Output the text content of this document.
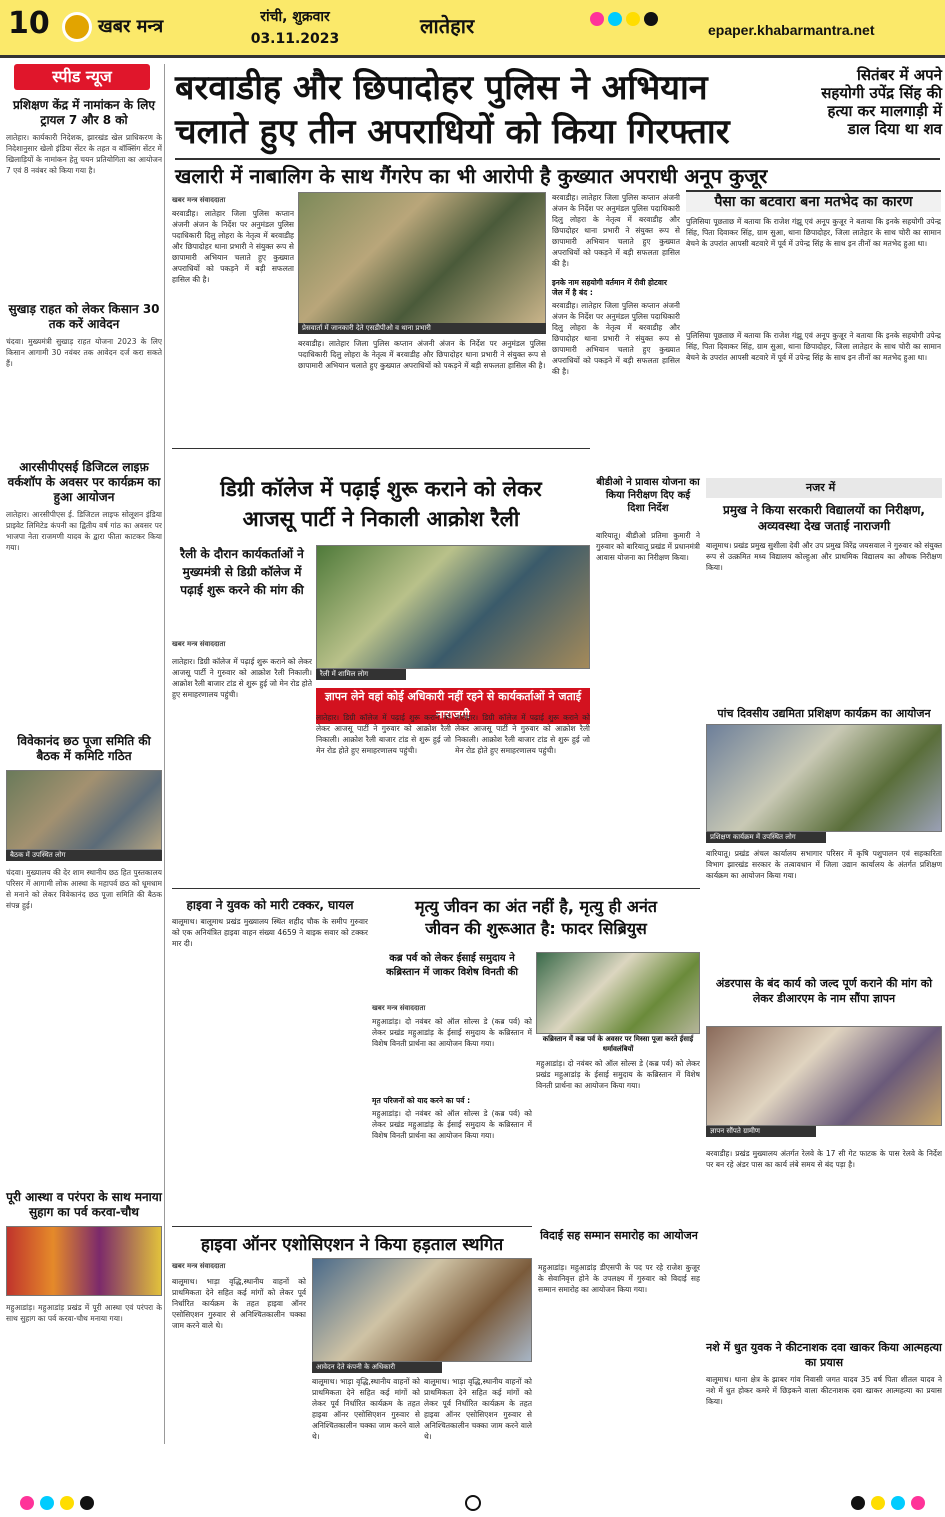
10	खबर मन्त्र	रांची, शुक्रवार
03.11.2023
लातेहार	epaper.khabarmantra.net
स्पीड न्यूज
प्रशिक्षण केंद्र में नामांकन के लिए ट्रायल 7 और 8 को
लातेहार। कार्यकारी निदेशक, झारखंड खेल प्राधिकरण के निदेशानुसार खेलो इंडिया सेंटर के तहत व बॉक्सिंग सेंटर में खिलाड़ियों के नामांकन हेतु चयन प्रतियोगिता का आयोजन 7 एवं 8 नवंबर को किया गया है।
सुखाड़ राहत को लेकर किसान 30 तक करें आवेदन
चंदवा। मुख्यमंत्री सुखाड़ राहत योजना 2023 के लिए किसान आगामी 30 नवंबर तक आवेदन दर्ज करा सकते हैं।
आरसीपीएसई डिजिटल लाइफ़ वर्कशॉप के अवसर पर कार्यक्रम का हुआ आयोजन
लातेहार। आरसीपीएस ई. डिजिटल लाइफ सोलूशन इंडिया प्राइवेट लिमिटेड कंपनी का द्वितीय वर्ष गांठ का अवसर पर भाजपा नेता राजमणी यादव के द्वारा फीता काटकर किया गया।
विवेकानंद छठ पूजा समिति की बैठक में कमिटि गठित
बैठक में उपस्थित लोग
चंदवा। मुख्यालय की देर शाम स्थानीय छठ हित पुस्तकालय परिसर में आगामी लोक आस्था के महापर्व छठ को धूमधाम से मनाने को लेकर विवेकानंद छठ पूजा समिति की बैठक संपन्न हुई।
पूरी आस्था व परंपरा के साथ मनाया सुहाग का पर्व करवा-चौथ
महुआडांड़। महुआडांड़ प्रखंड में पूरी आस्था एवं परंपरा के साथ सुहाग का पर्व करवा-चौथ मनाया गया।
बरवाडीह और छिपादोहर पुलिस ने अभियान
चलाते हुए तीन अपराधियों को किया गिरफ्तार
सितंबर में अपने सहयोगी उपेंद्र सिंह की हत्या कर मालगाड़ी में डाल दिया था शव
खलारी में नाबालिग के साथ गैंगरेप का भी आरोपी है कुख्यात अपराधी अनूप कुजूर
खबर मन्त्र संवाददाता
प्रेसवार्ता में जानकारी देते एसडीपीओ व थाना प्रभारी
बरवाडीह। लातेहार जिला पुलिस कप्तान अंजनी अंजन के निर्देश पर अनुमंडल पुलिस पदाधिकारी दिलु लोहरा के नेतृत्व में बरवाडीह और छिपादोहर थाना प्रभारी ने संयुक्त रूप से छापामारी अभियान चलाते हुए कुख्यात अपराधियों को पकड़ने में बड़ी सफलता हासिल की है।
बरवाडीह। लातेहार जिला पुलिस कप्तान अंजनी अंजन के निर्देश पर अनुमंडल पुलिस पदाधिकारी दिलु लोहरा के नेतृत्व में बरवाडीह और छिपादोहर थाना प्रभारी ने संयुक्त रूप से छापामारी अभियान चलाते हुए कुख्यात अपराधियों को पकड़ने में बड़ी सफलता हासिल की है।
बरवाडीह। लातेहार जिला पुलिस कप्तान अंजनी अंजन के निर्देश पर अनुमंडल पुलिस पदाधिकारी दिलु लोहरा के नेतृत्व में बरवाडीह और छिपादोहर थाना प्रभारी ने संयुक्त रूप से छापामारी अभियान चलाते हुए कुख्यात अपराधियों को पकड़ने में बड़ी सफलता हासिल की है।
इनके नाम सहयोगी वर्तमान में रीवी होटवार जेल में है बंद :
बरवाडीह। लातेहार जिला पुलिस कप्तान अंजनी अंजन के निर्देश पर अनुमंडल पुलिस पदाधिकारी दिलु लोहरा के नेतृत्व में बरवाडीह और छिपादोहर थाना प्रभारी ने संयुक्त रूप से छापामारी अभियान चलाते हुए कुख्यात अपराधियों को पकड़ने में बड़ी सफलता हासिल की है।
पैसा का बटवारा बना मतभेद का कारण
पुलिसिया पूछताछ में बताया कि राजेश गंझू एवं अनूप कुजूर ने बताया कि इनके सहयोगी उपेन्द्र सिंह, पिता दिवाकर सिंह, ग्राम सुआ, थाना छिपादोहर, जिला लातेहार के साथ चोरी का सामान बेचने के उपरांत आपसी बटवारे में पूर्व में उपेन्द्र सिंह के साथ इन तीनों का मतभेद हुआ था।
पुलिसिया पूछताछ में बताया कि राजेश गंझू एवं अनूप कुजूर ने बताया कि इनके सहयोगी उपेन्द्र सिंह, पिता दिवाकर सिंह, ग्राम सुआ, थाना छिपादोहर, जिला लातेहार के साथ चोरी का सामान बेचने के उपरांत आपसी बटवारे में पूर्व में उपेन्द्र सिंह के साथ इन तीनों का मतभेद हुआ था।
डिग्री कॉलेज में पढ़ाई शुरू कराने को लेकर
आजसू पार्टी ने निकाली आक्रोश रैली
रैली के दौरान कार्यकर्ताओं ने मुख्यमंत्री से डिग्री कॉलेज में पढ़ाई शुरू करने की मांग की
रैली में शामिल लोग
खबर मन्त्र संवाददाता
लातेहार। डिग्री कॉलेज में पढ़ाई शुरू कराने को लेकर आजसू पार्टी ने गुरुवार को आक्रोश रैली निकाली। आक्रोश रैली बाजार टांड से शुरू हुई जो मेन रोड होते हुए समाहरणालय पहुंची।	ज्ञापन लेने वहां कोई अधिकारी नहीं रहने से कार्यकर्ताओं ने जताई नाराजगी
लातेहार। डिग्री कॉलेज में पढ़ाई शुरू कराने को लेकर आजसू पार्टी ने गुरुवार को आक्रोश रैली निकाली। आक्रोश रैली बाजार टांड से शुरू हुई जो मेन रोड होते हुए समाहरणालय पहुंची।
लातेहार। डिग्री कॉलेज में पढ़ाई शुरू कराने को लेकर आजसू पार्टी ने गुरुवार को आक्रोश रैली निकाली। आक्रोश रैली बाजार टांड से शुरू हुई जो मेन रोड होते हुए समाहरणालय पहुंची।
बीडीओ ने प्रावास योजना का किया निरीक्षण दिए कई दिशा निर्देश
बारियातू। बीडीओ प्रतिमा कुमारी ने गुरुवार को बारियातू प्रखंड में प्रधानमंत्री आवास योजना का निरीक्षण किया।
नजर में
प्रमुख ने किया सरकारी विद्यालयों का निरीक्षण, अव्यवस्था देख जताई नाराजगी
बालूमाथ। प्रखंड प्रमुख सुशीला देवी और उप प्रमुख विरेंद्र जयसवाल ने गुरुवार को संयुक्त रूप से उत्क्रमित मध्य विद्यालय कोल्हुआ और प्राथमिक विद्यालय का औचक निरीक्षण किया।
पांच दिवसीय उद्यमिता प्रशिक्षण कार्यक्रम का आयोजन
प्रशिक्षण कार्यक्रम में उपस्थित लोग
बारियातू। प्रखंड अंचल कार्यालय सभागार परिसर में कृषि पशुपालन एवं सहकारिता विभाग झारखंड सरकार के तत्वावधान में जिला उद्यान कार्यालय के अंतर्गत प्रशिक्षण कार्यक्रम का आयोजन किया गया।
अंडरपास के बंद कार्य को जल्द पूर्ण कराने की मांग को लेकर डीआरएम के नाम सौंपा ज्ञापन
ज्ञापन सौंपते ग्रामीण
बरवाडीह। प्रखंड मुख्यालय अंतर्गत रेलवे के 17 सी गेट फाटक के पास रेलवे के निर्देश पर बन रहे अंडर पास का कार्य लंबे समय से बंद पड़ा है।
नशे में धुत युवक ने कीटनाशक दवा खाकर किया आत्महत्या का प्रयास
बालूमाथ। थाना क्षेत्र के झाबर गांव निवासी जगत यादव 35 वर्ष पिता शीतल यादव ने नशे में धुत होकर कमरे में छिड़कने वाला कीटनाशक दवा खाकर आत्महत्या का प्रयास किया।
हाइवा ने युवक को मारी टक्कर, घायल
बालूमाथ। बालूमाथ प्रखंड मुख्यालय स्थित शहीद चौक के समीप गुरुवार को एक अनियंत्रित हाइवा वाहन संख्या 4659 ने बाइक सवार को टक्कर मार दी।
मृत्यु जीवन का अंत नहीं है, मृत्यु ही अनंत
जीवन की शुरूआत है: फादर सिब्रियुस
कब्र पर्व को लेकर ईसाई समुदाय ने कब्रिस्तान में जाकर विशेष विनती की
खबर मन्त्र संवाददाता
कब्रिस्तान में कब्र पर्व के अवसर पर मिस्सा पूजा करते ईसाई धर्मावलंबियों
महुआडांड़। दो नवंबर को ऑल सोल्स डे (कब्र पर्व) को लेकर प्रखंड महुआडांड़ के ईसाई समुदाय के कब्रिस्तान में विशेष विनती प्रार्थना का आयोजन किया गया।
मृत परिजनों को याद करने का पर्व :
महुआडांड़। दो नवंबर को ऑल सोल्स डे (कब्र पर्व) को लेकर प्रखंड महुआडांड़ के ईसाई समुदाय के कब्रिस्तान में विशेष विनती प्रार्थना का आयोजन किया गया।
महुआडांड़। दो नवंबर को ऑल सोल्स डे (कब्र पर्व) को लेकर प्रखंड महुआडांड़ के ईसाई समुदाय के कब्रिस्तान में विशेष विनती प्रार्थना का आयोजन किया गया।
हाइवा ऑनर एशोसिएशन ने किया हड़ताल स्थगित
खबर मन्त्र संवाददाता
बालूमाथ। भाड़ा वृद्धि,स्थानीय वाहनों को प्राथमिकता देने सहित कई मांगों को लेकर पूर्व निर्धारित कार्यक्रम के तहत हाइवा ऑनर एसोसिएशन गुरुवार से अनिश्चितकालीन चक्का जाम करने वाले थे।
आवेदन देते कंपनी के अधिकारी
बालूमाथ। भाड़ा वृद्धि,स्थानीय वाहनों को प्राथमिकता देने सहित कई मांगों को लेकर पूर्व निर्धारित कार्यक्रम के तहत हाइवा ऑनर एसोसिएशन गुरुवार से अनिश्चितकालीन चक्का जाम करने वाले थे।
बालूमाथ। भाड़ा वृद्धि,स्थानीय वाहनों को प्राथमिकता देने सहित कई मांगों को लेकर पूर्व निर्धारित कार्यक्रम के तहत हाइवा ऑनर एसोसिएशन गुरुवार से अनिश्चितकालीन चक्का जाम करने वाले थे।
विदाई सह सम्मान समारोह का आयोजन
महुआडांड़। महुआडांड़ डीएसपी के पद पर रहे राजेश कुजूर के सेवानिवृत्त होने के उपलक्ष्य में गुरुवार को विदाई सह सम्मान समारोह का आयोजन किया गया।
